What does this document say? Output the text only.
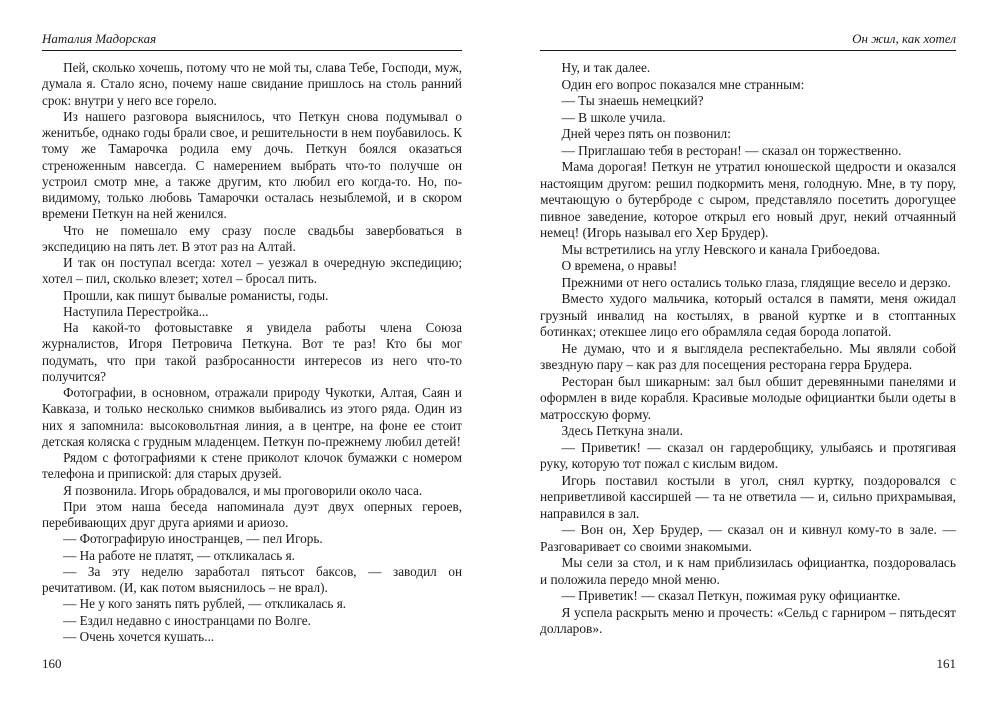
Наталия Мадорская

Пей, сколько хочешь, потому что не мой ты, слава Тебе, Господи, муж, думала я. Стало ясно, почему наше свидание пришлось на столь ранний срок: внутри у него все горело.

Из нашего разговора выяснилось, что Петкун снова подумывал о женитьбе, однако годы брали свое, и решительности в нем поубавилось. К тому же Тамарочка родила ему дочь. Петкун боялся оказаться стреноженным навсегда. С намерением выбрать что-то получше он устроил смотр мне, а также другим, кто любил его когда-то. Но, по-видимому, только любовь Тамарочки осталась незыблемой, и в скором времени Петкун на ней женился.

Что не помешало ему сразу после свадьбы завербоваться в экспедицию на пять лет. В этот раз на Алтай.

И так он поступал всегда: хотел – уезжал в очередную экспедицию; хотел – пил, сколько влезет; хотел – бросал пить.

Прошли, как пишут бывалые романисты, годы.

Наступила Перестройка...

На какой-то фотовыставке я увидела работы члена Союза журналистов, Игоря Петровича Петкуна. Вот те раз! Кто бы мог подумать, что при такой разбросанности интересов из него что-то получится?

Фотографии, в основном, отражали природу Чукотки, Алтая, Саян и Кавказа, и только несколько снимков выбивались из этого ряда. Один из них я запомнила: высоковольтная линия, а в центре, на фоне ее стоит детская коляска с грудным младенцем. Петкун по-прежнему любил детей!

Рядом с фотографиями к стене приколот клочок бумажки с номером телефона и припиской: для старых друзей.

Я позвонила. Игорь обрадовался, и мы проговорили около часа.

При этом наша беседа напоминала дуэт двух оперных героев, перебивающих друг друга ариями и ариозо.

— Фотографирую иностранцев, — пел Игорь.

— На работе не платят, — откликалась я.

— За эту неделю заработал пятьсот баксов, — заводил он речитативом. (И, как потом выяснилось – не врал).

— Не у кого занять пять рублей, — откликалась я.

— Ездил недавно с иностранцами по Волге.

— Очень хочется кушать...

160
Он жил, как хотел

Ну, и так далее.

Один его вопрос показался мне странным:

— Ты знаешь немецкий?

— В школе учила.

Дней через пять он позвонил:

— Приглашаю тебя в ресторан! — сказал он торжественно.

Мама дорогая! Петкун не утратил юношеской щедрости и оказался настоящим другом: решил подкормить меня, голодную. Мне, в ту пору, мечтающую о бутерброде с сыром, представляло посетить дорогущее пивное заведение, которое открыл его новый друг, некий отчаянный немец! (Игорь называл его Хер Брудер).

Мы встретились на углу Невского и канала Грибоедова.

О времена, о нравы!

Прежними от него остались только глаза, глядящие весело и дерзко.

Вместо худого мальчика, который остался в памяти, меня ожидал грузный инвалид на костылях, в рваной куртке и в стоптанных ботинках; отекшее лицо его обрамляла седая борода лопатой.

Не думаю, что и я выглядела респектабельно. Мы являли собой звездную пару – как раз для посещения ресторана герра Брудера.

Ресторан был шикарным: зал был обшит деревянными панелями и оформлен в виде корабля. Красивые молодые официантки были одеты в матросскую форму.

Здесь Петкуна знали.

— Приветик! — сказал он гардеробщику, улыбаясь и протягивая руку, которую тот пожал с кислым видом.

Игорь поставил костыли в угол, снял куртку, поздоровался с неприветливой кассиршей — та не ответила — и, сильно прихрамывая, направился в зал.

— Вон он, Хер Брудер, — сказал он и кивнул кому-то в зале. — Разговаривает со своими знакомыми.

Мы сели за стол, и к нам приблизилась официантка, поздоровалась и положила передо мной меню.

— Приветик! — сказал Петкун, пожимая руку официантке.

Я успела раскрыть меню и прочесть: «Сельд с гарниром – пятьдесят долларов».

161
